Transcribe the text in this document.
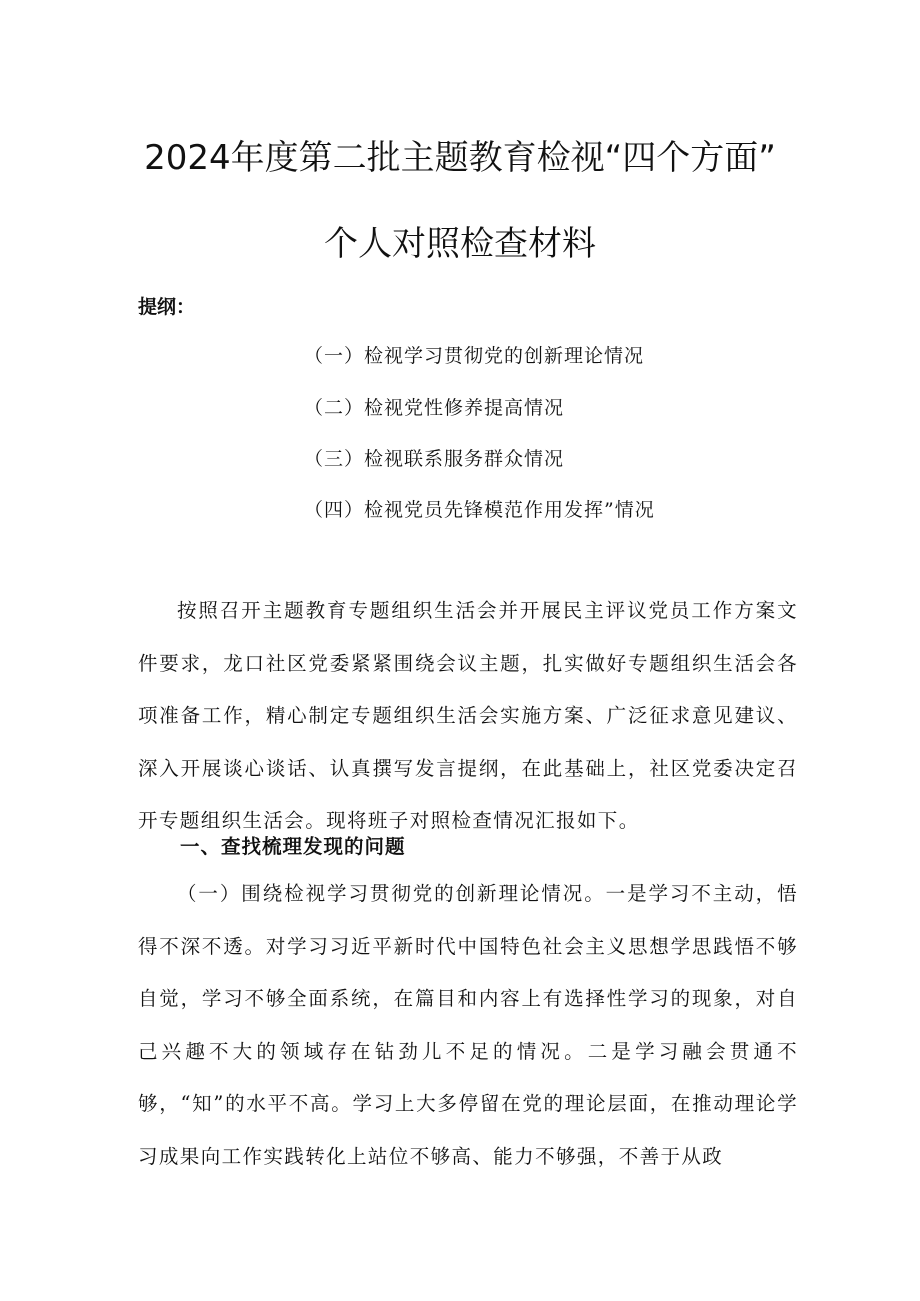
2024年度第二批主题教育检视“四个方面”
个人对照检查材料
提纲：
（一）检视学习贯彻党的创新理论情况
（二）检视党性修养提高情况
（三）检视联系服务群众情况
（四）检视党员先锋模范作用发挥”情况

按照召开主题教育专题组织生活会并开展民主评议党员工作方案文件要求，龙口社区党委紧紧围绕会议主题，扎实做好专题组织生活会各项准备工作，精心制定专题组织生活会实施方案、广泛征求意见建议、深入开展谈心谈话、认真撰写发言提纲，在此基础上，社区党委决定召开专题组织生活会。现将班子对照检查情况汇报如下。

一、查找梳理发现的问题

（一）围绕检视学习贯彻党的创新理论情况。一是学习不主动，悟得不深不透。对学习习近平新时代中国特色社会主义思想学思践悟不够自觉，学习不够全面系统，在篇目和内容上有选择性学习的现象，对自己兴趣不大的领域存在钻劲儿不足的情况。二是学习融会贯通不够，“知”的水平不高。学习上大多停留在党的理论层面，在推动理论学习成果向工作实践转化上站位不够高、能力不够强，不善于从政
